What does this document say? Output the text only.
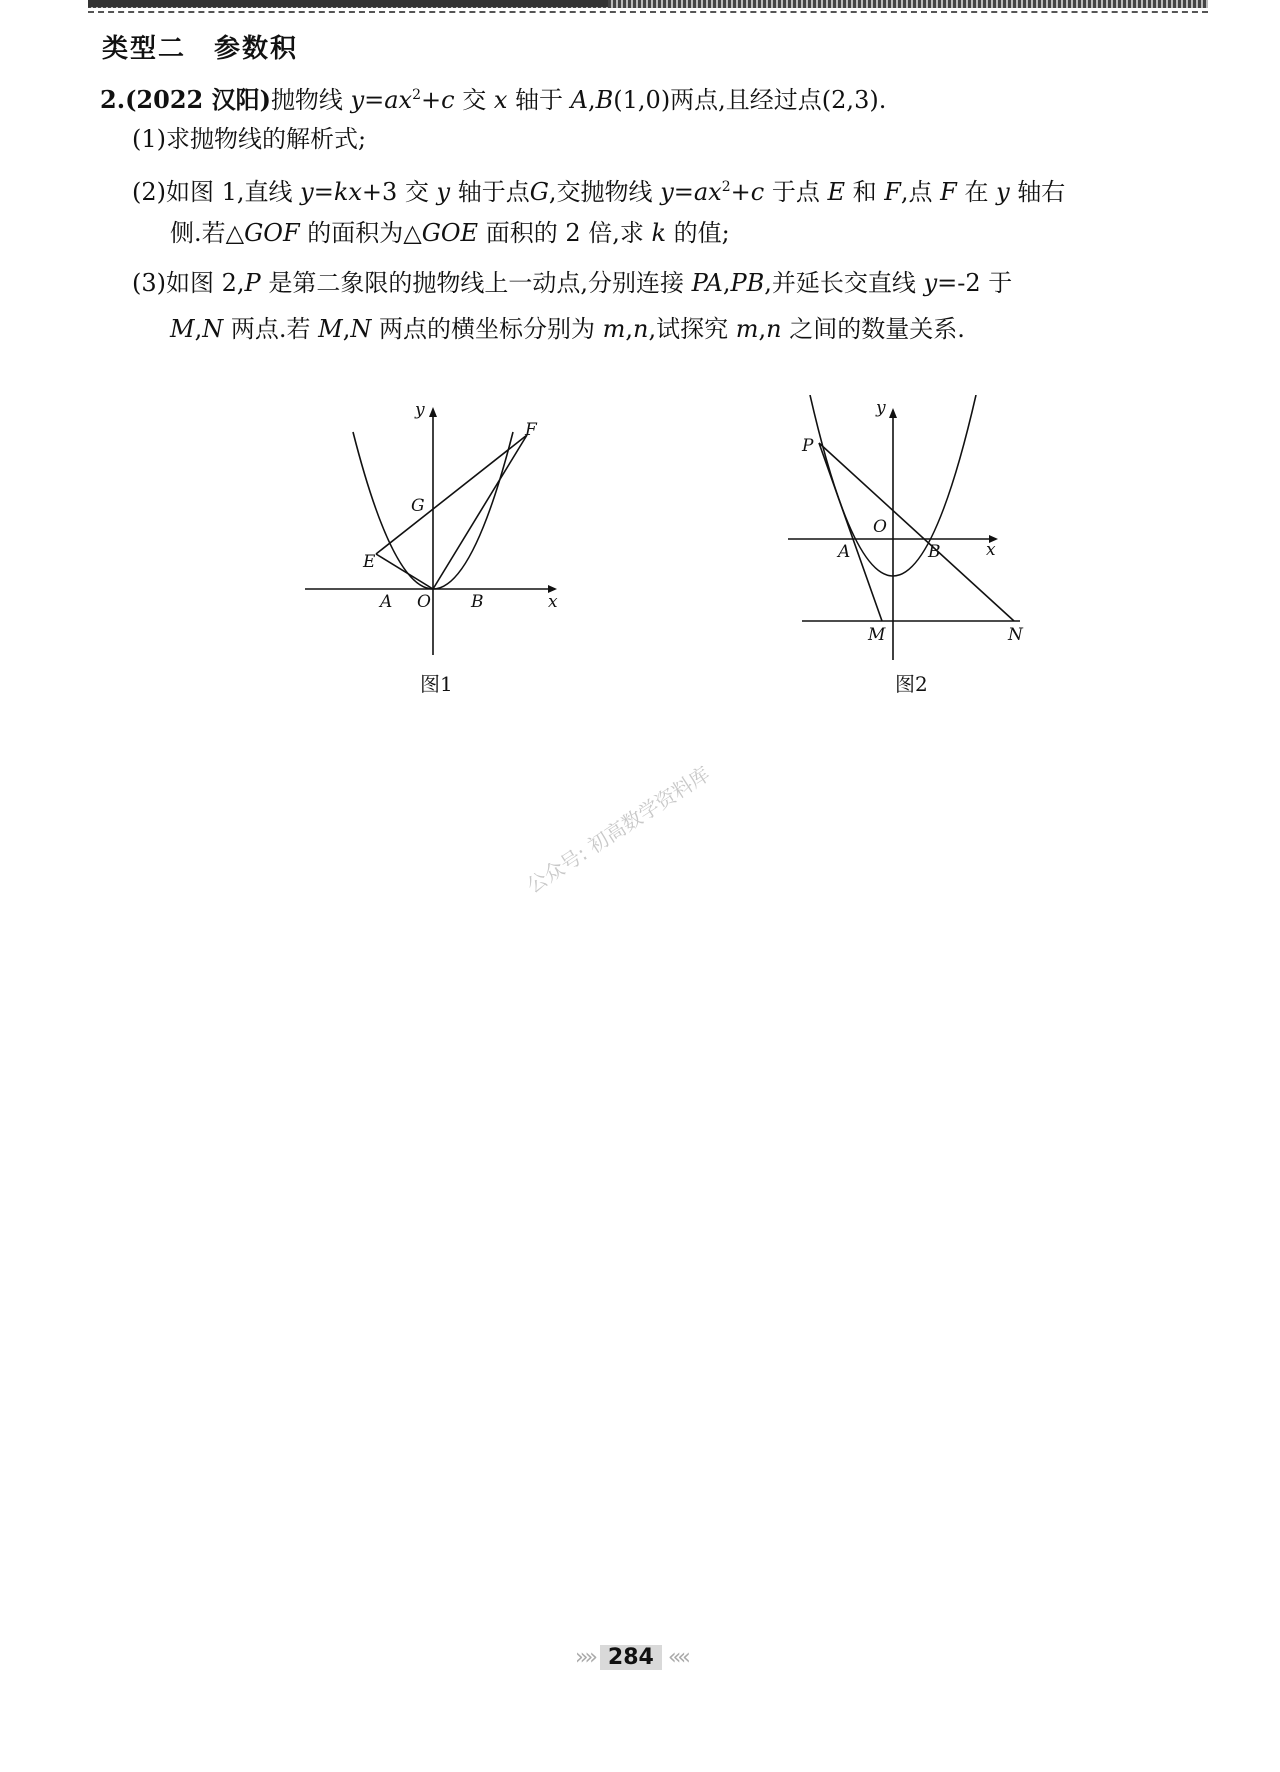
类型二 参数积
2.(2022 汉阳)抛物线 $y=ax^2+c$ 交 x 轴于 A,B(1,0)两点,且经过点(2,3).
(1)求抛物线的解析式;
(2)如图 1,直线 y=kx+3 交 y 轴于点G,交抛物线 $y=ax^2+c$ 于点 E 和 F,点 F 在 y 轴右
侧.若△GOF 的面积为△GOE 面积的 2 倍,求 k 的值;
(3)如图 2,P 是第二象限的抛物线上一动点,分别连接 PA,PB,并延长交直线 y=-2 于
M,N 两点.若 M,N 两点的横坐标分别为 m,n,试探究 m,n 之间的数量关系.
y
x
F
G
E
A O B
图1
y
x
P
O
A	B
M	N
图2
公众号: 初高数学资料库
»» 284 ««
